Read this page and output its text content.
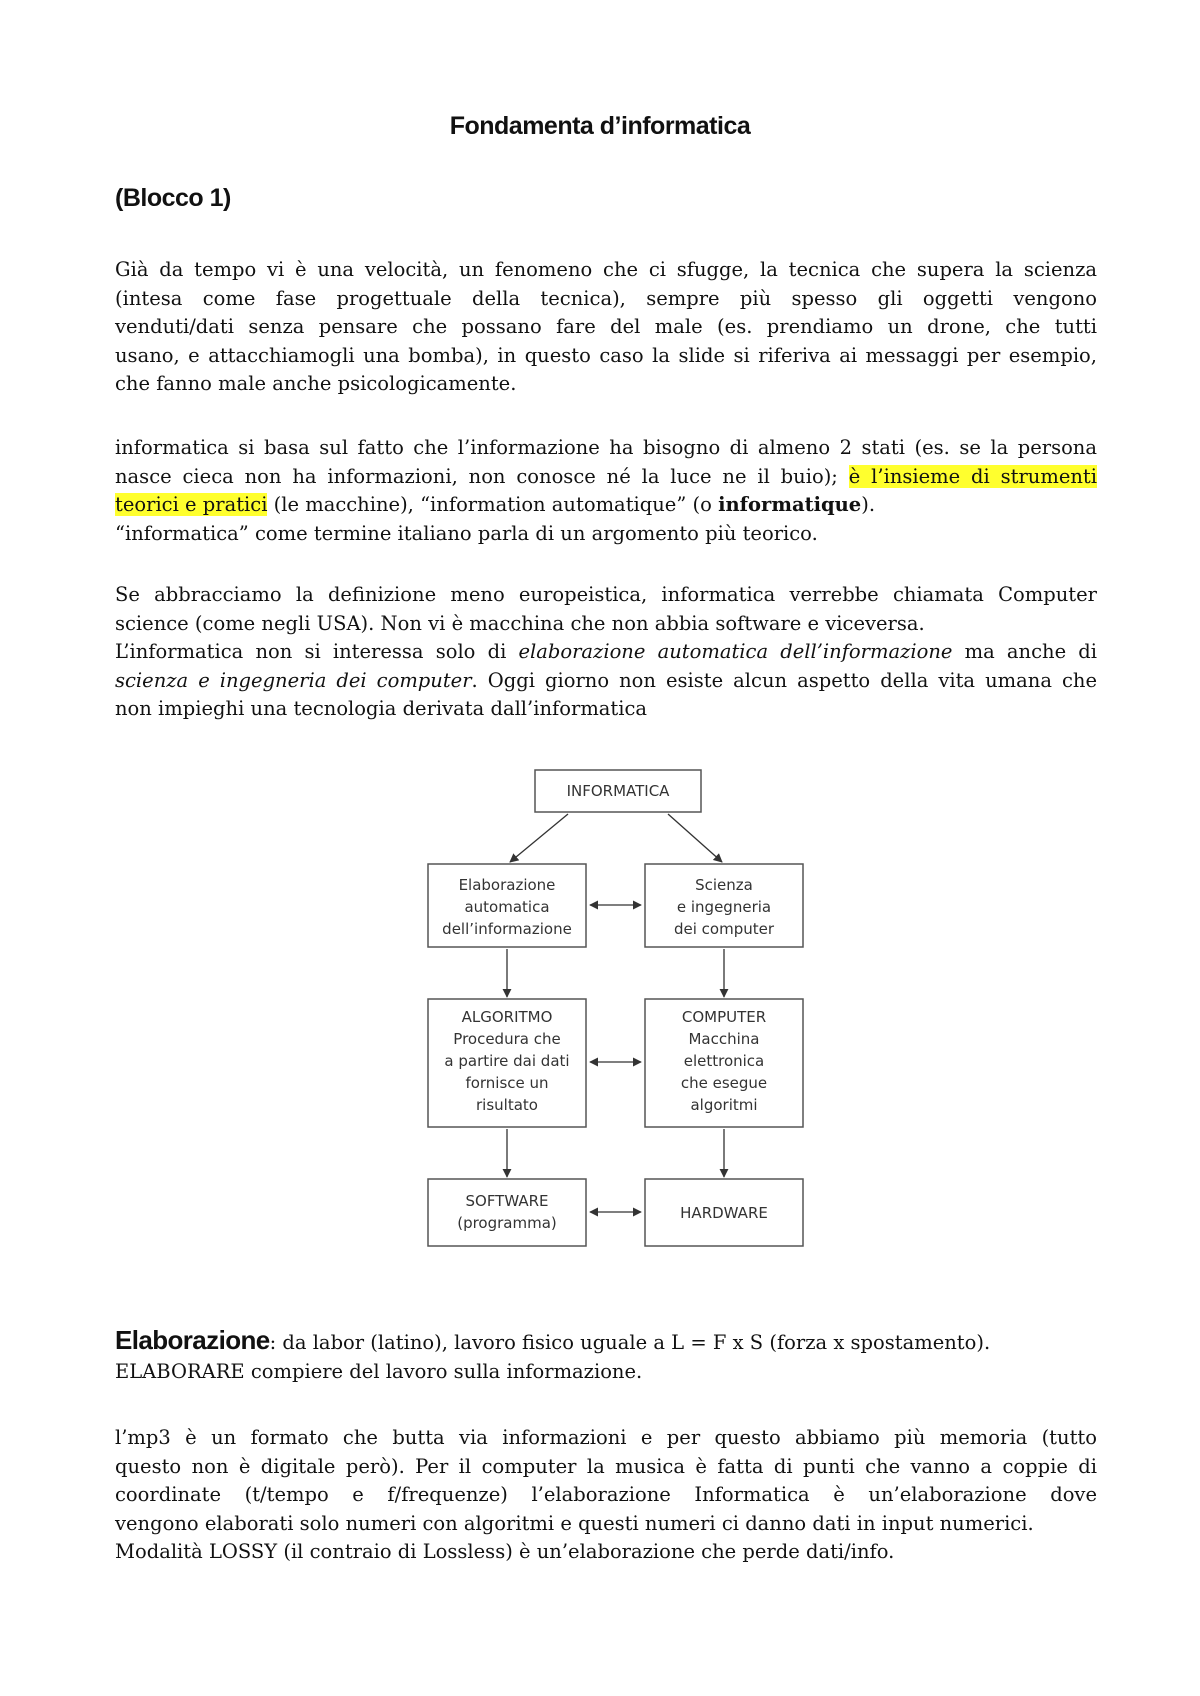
Fondamenta d’informatica
(Blocco 1)
Già da tempo vi è una velocità, un fenomeno che ci sfugge, la tecnica che supera la scienza
(intesa come fase progettuale della tecnica), sempre più spesso gli oggetti vengono
venduti/dati senza pensare che possano fare del male (es. prendiamo un drone, che tutti
usano, e attacchiamogli una bomba), in questo caso la slide si riferiva ai messaggi per esempio,
che fanno male anche psicologicamente.
informatica si basa sul fatto che l’informazione ha bisogno di almeno 2 stati (es. se la persona
nasce cieca non ha informazioni, non conosce né la luce ne il buio); è l’insieme di strumenti
teorici e pratici (le macchine), “information automatique” (o informatique).
“informatica” come termine italiano parla di un argomento più teorico.
Se abbracciamo la definizione meno europeistica, informatica verrebbe chiamata Computer
science (come negli USA). Non vi è macchina che non abbia software e viceversa.
L’informatica non si interessa solo di elaborazione automatica dell’informazione ma anche di
scienza e ingegneria dei computer. Oggi giorno non esiste alcun aspetto della vita umana che
non impieghi una tecnologia derivata dall’informatica
INFORMATICA
Elaborazione
automatica
dell’informazione
Scienza
e ingegneria
dei computer
ALGORITMO
Procedura che
a partire dai dati
fornisce un
risultato
COMPUTER
Macchina
elettronica
che esegue
algoritmi
SOFTWARE
(programma)
HARDWARE
Elaborazione: da labor (latino), lavoro fisico uguale a L = F x S (forza x spostamento).
ELABORARE compiere del lavoro sulla informazione.
l’mp3 è un formato che butta via informazioni e per questo abbiamo più memoria (tutto
questo non è digitale però). Per il computer la musica è fatta di punti che vanno a coppie di
coordinate (t/tempo e f/frequenze) l’elaborazione Informatica è un’elaborazione dove
vengono elaborati solo numeri con algoritmi e questi numeri ci danno dati in input numerici.
Modalità LOSSY (il contraio di Lossless) è un’elaborazione che perde dati/info.
